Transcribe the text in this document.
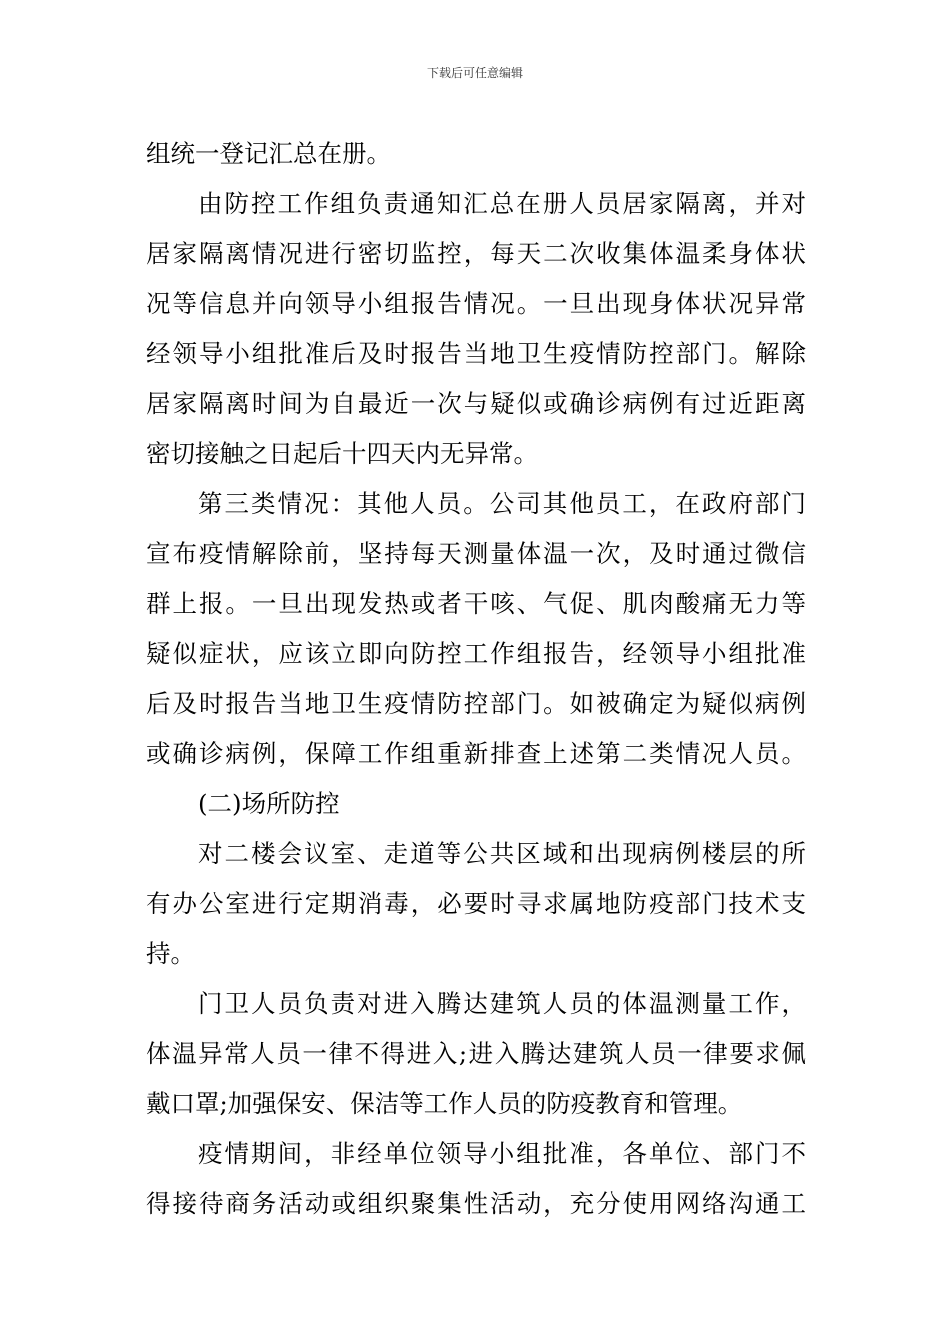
下载后可任意编辑
组统一登记汇总在册。
由防控工作组负责通知汇总在册人员居家隔离，并对
居家隔离情况进行密切监控，每天二次收集体温柔身体状
况等信息并向领导小组报告情况。一旦出现身体状况异常
经领导小组批准后及时报告当地卫生疫情防控部门。解除
居家隔离时间为自最近一次与疑似或确诊病例有过近距离
密切接触之日起后十四天内无异常。
第三类情况：其他人员。公司其他员工，在政府部门
宣布疫情解除前，坚持每天测量体温一次，及时通过微信
群上报。一旦出现发热或者干咳、气促、肌肉酸痛无力等
疑似症状，应该立即向防控工作组报告，经领导小组批准
后及时报告当地卫生疫情防控部门。如被确定为疑似病例
或确诊病例，保障工作组重新排查上述第二类情况人员。
(二)场所防控
对二楼会议室、走道等公共区域和出现病例楼层的所
有办公室进行定期消毒，必要时寻求属地防疫部门技术支
持。
门卫人员负责对进入腾达建筑人员的体温测量工作，
体温异常人员一律不得进入;进入腾达建筑人员一律要求佩
戴口罩;加强保安、保洁等工作人员的防疫教育和管理。
疫情期间，非经单位领导小组批准，各单位、部门不
得接待商务活动或组织聚集性活动，充分使用网络沟通工
